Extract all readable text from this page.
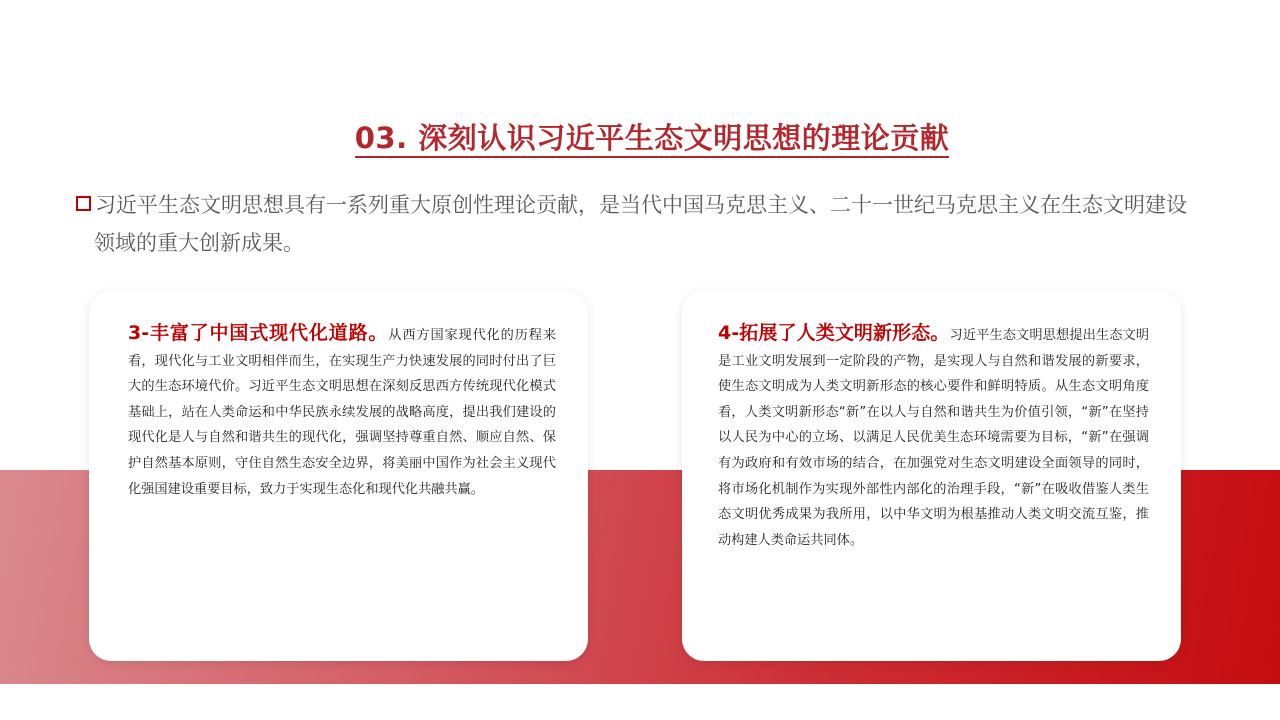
03. 深刻认识习近平生态文明思想的理论贡献
习近平生态文明思想具有一系列重大原创性理论贡献，是当代中国马克思主义、二十一世纪马克思主义在生态文明建设
领域的重大创新成果。
3-丰富了中国式现代化道路。从西方国家现代化的历程来看，现代化与工业文明相伴而生，在实现生产力快速发展的同时付出了巨大的生态环境代价。习近平生态文明思想在深刻反思西方传统现代化模式基础上，站在人类命运和中华民族永续发展的战略高度，提出我们建设的现代化是人与自然和谐共生的现代化，强调坚持尊重自然、顺应自然、保护自然基本原则，守住自然生态安全边界，将美丽中国作为社会主义现代化强国建设重要目标，致力于实现生态化和现代化共融共赢。
4-拓展了人类文明新形态。习近平生态文明思想提出生态文明是工业文明发展到一定阶段的产物，是实现人与自然和谐发展的新要求，使生态文明成为人类文明新形态的核心要件和鲜明特质。从生态文明角度看，人类文明新形态“新”在以人与自然和谐共生为价值引领，“新”在坚持以人民为中心的立场、以满足人民优美生态环境需要为目标，“新”在强调有为政府和有效市场的结合，在加强党对生态文明建设全面领导的同时，将市场化机制作为实现外部性内部化的治理手段，“新”在吸收借鉴人类生态文明优秀成果为我所用，以中华文明为根基推动人类文明交流互鉴，推动构建人类命运共同体。
